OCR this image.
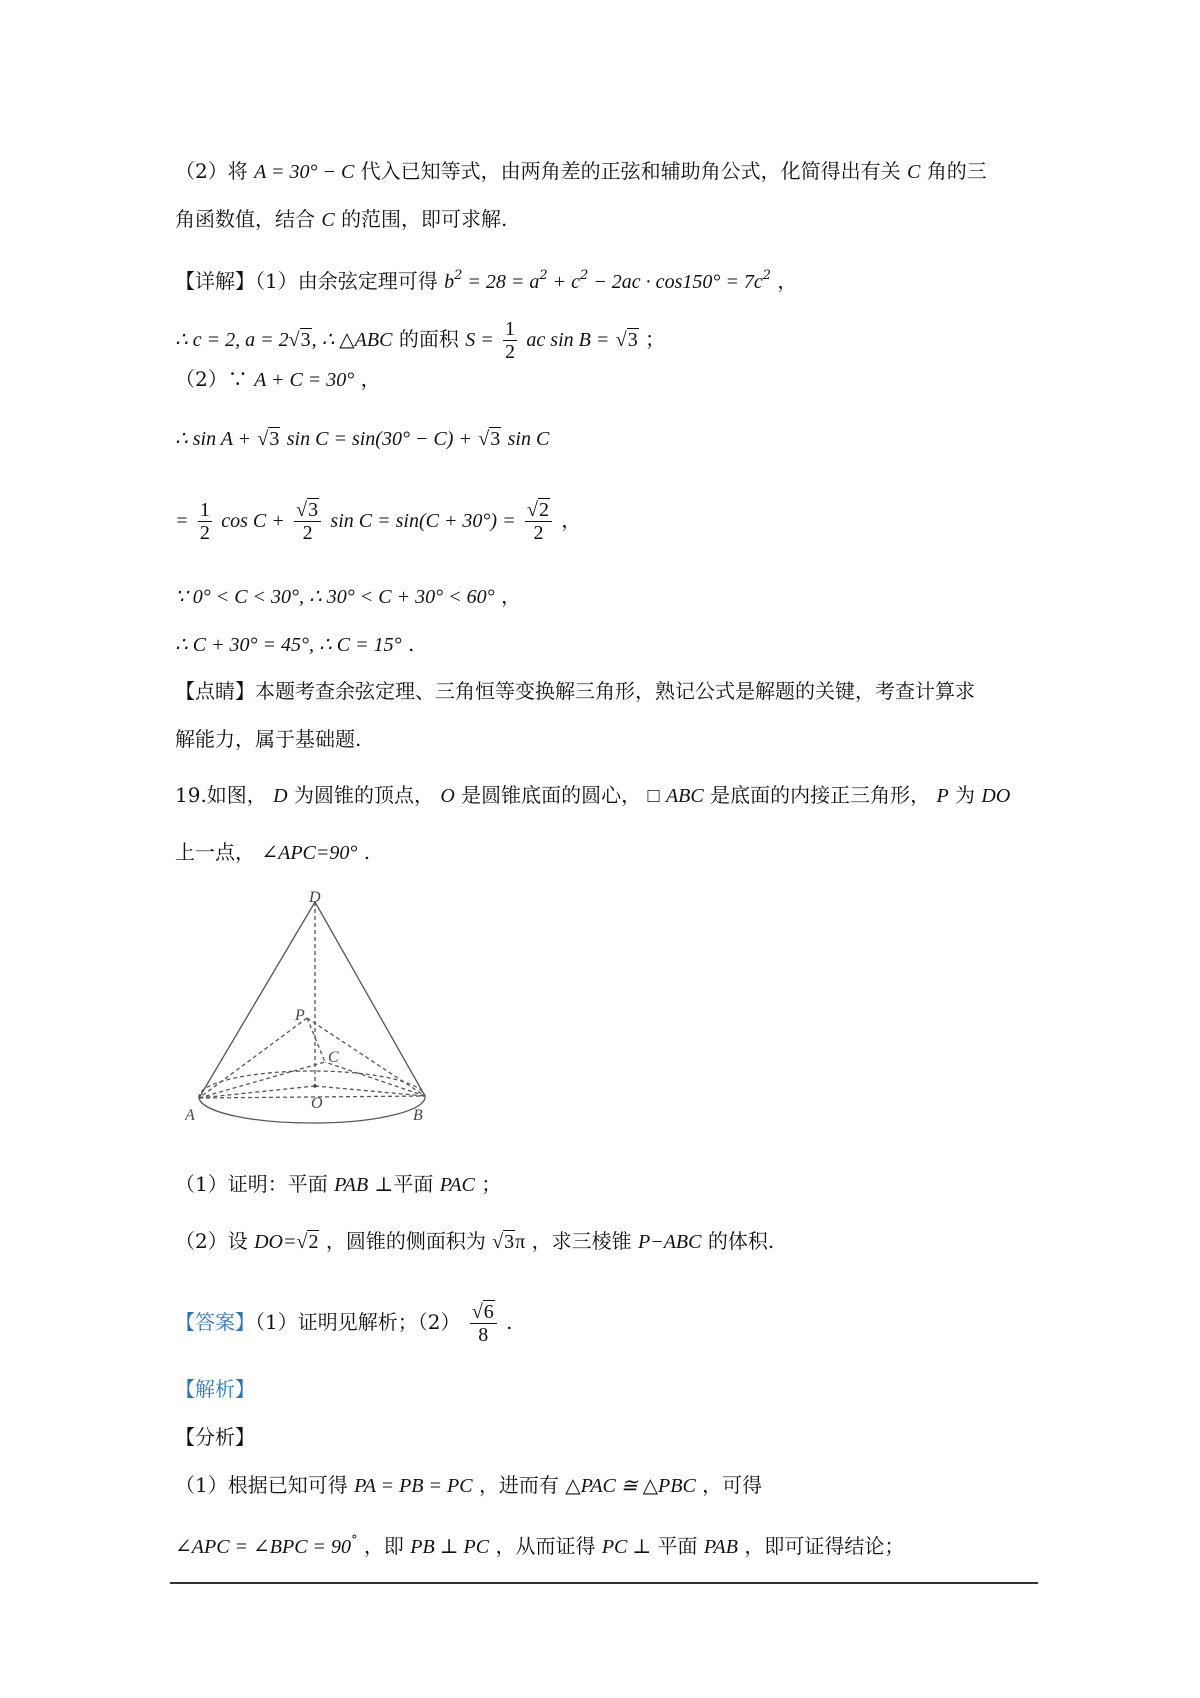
（2）将 A = 30° − C 代入已知等式，由两角差的正弦和辅助角公式，化简得出有关 C 角的三
角函数值，结合 C 的范围，即可求解.
【详解】（1）由余弦定理可得 $b^2 = 28 = a^2 + c^2 - 2ac \cdot \cos 150^\circ = 7c^2$ ，
∴ c = 2, a = 2√3, ∴ △ABC 的面积 $S = \frac{1}{2}$ ac sin B = √3 ；
（2）∵ A + C = 30° ，
∴ sin A + √3 sin C = sin(30° − C) + √3 sin C
= $\frac{1}{2}$ $\cos C + \frac{√3}{2}$ $\sin C = \sin(C + 30^\circ) = \frac{√2}{2}$ ，
∵ 0° < C < 30°, ∴ 30° < C + 30° < 60° ，
∴ C + 30° = 45°, ∴ C = 15° .
【点睛】本题考查余弦定理、三角恒等变换解三角形，熟记公式是解题的关键，考查计算求
解能力，属于基础题.
19.如图， D 为圆锥的顶点， O 是圆锥底面的圆心， □ ABC 是底面的内接正三角形， P 为 DO
上一点， ∠APC=90° .
D
P
C
O
A	B
（1）证明：平面 PAB ⊥平面 PAC ；
（2）设 DO=√2 ，圆锥的侧面积为 √3π ，求三棱锥 P−ABC 的体积.
【答案】（1）证明见解析；$(2) \frac{√6}{8}$ .
【解析】
【分析】
（1）根据已知可得 PA = PB = PC ，进而有 △PAC ≅ △PBC ，可得
∠APC = ∠BPC = 90° ，即 PB ⊥ PC ，从而证得 PC ⊥ 平面 PAB ，即可证得结论；
